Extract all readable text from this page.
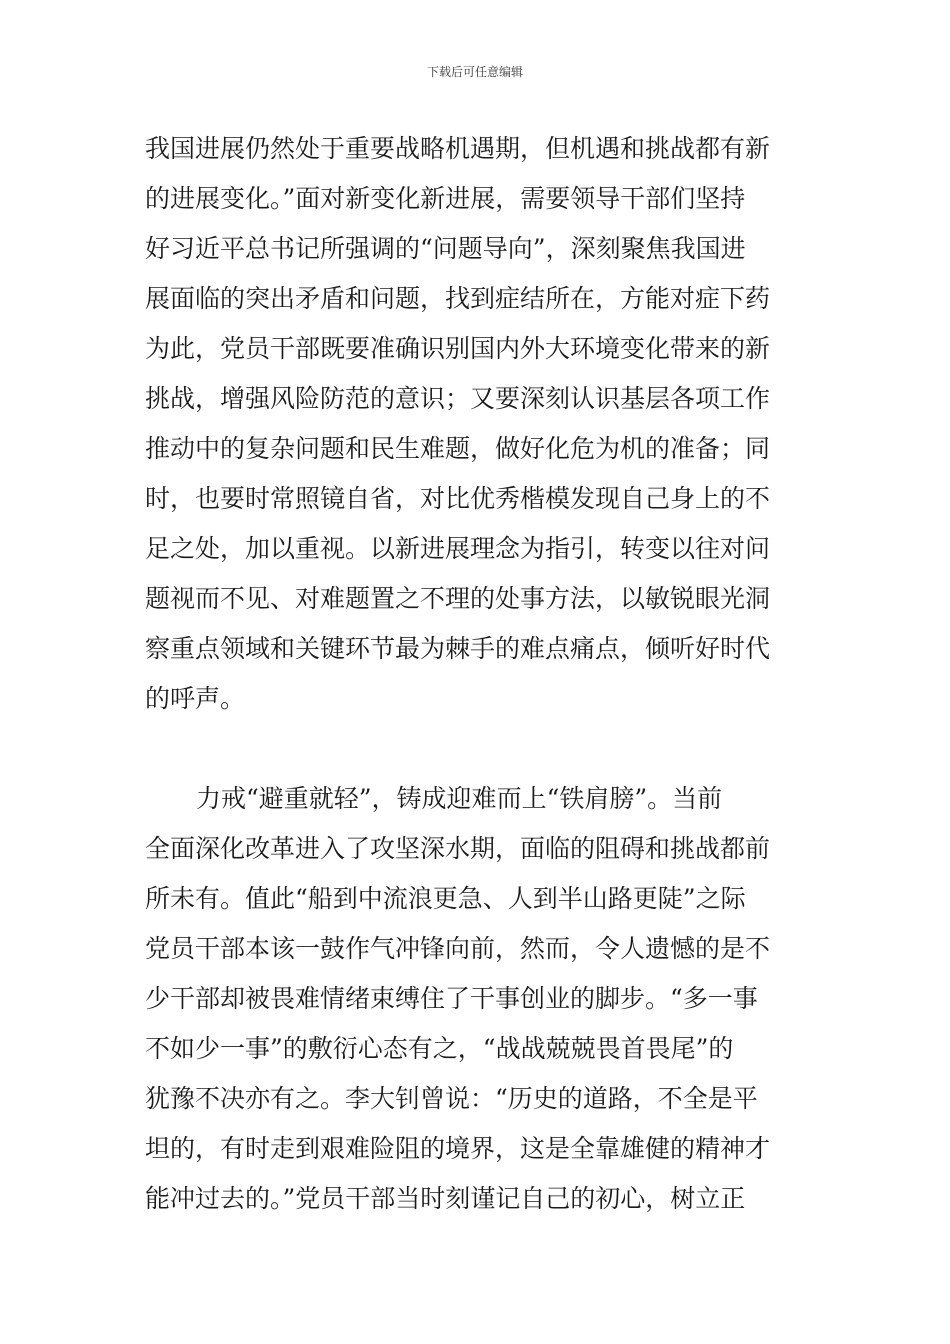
下载后可任意编辑
我国进展仍然处于重要战略机遇期，但机遇和挑战都有新
的进展变化。”面对新变化新进展，需要领导干部们坚持
好习近平总书记所强调的“问题导向”，深刻聚焦我国进
展面临的突出矛盾和问题，找到症结所在，方能对症下药
为此，党员干部既要准确识别国内外大环境变化带来的新
挑战，增强风险防范的意识；又要深刻认识基层各项工作
推动中的复杂问题和民生难题，做好化危为机的准备；同
时，也要时常照镜自省，对比优秀楷模发现自己身上的不
足之处，加以重视。以新进展理念为指引，转变以往对问
题视而不见、对难题置之不理的处事方法，以敏锐眼光洞
察重点领域和关键环节最为棘手的难点痛点，倾听好时代
的呼声。
力戒“避重就轻”，铸成迎难而上“铁肩膀”。当前
全面深化改革进入了攻坚深水期，面临的阻碍和挑战都前
所未有。值此“船到中流浪更急、人到半山路更陡”之际
党员干部本该一鼓作气冲锋向前，然而，令人遗憾的是不
少干部却被畏难情绪束缚住了干事创业的脚步。“多一事
不如少一事”的敷衍心态有之，“战战兢兢畏首畏尾”的
犹豫不决亦有之。李大钊曾说：“历史的道路，不全是平
坦的，有时走到艰难险阻的境界，这是全靠雄健的精神才
能冲过去的。”党员干部当时刻谨记自己的初心，树立正
